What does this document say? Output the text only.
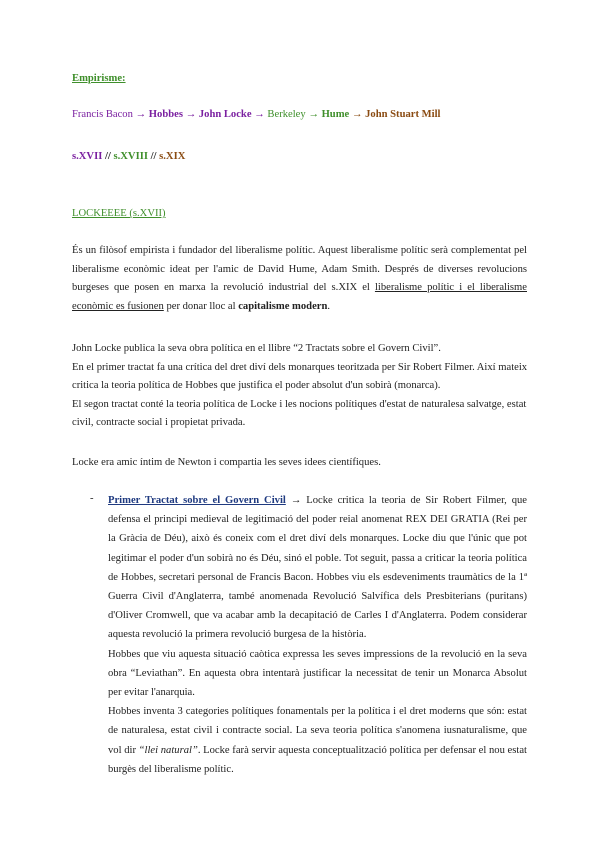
Empirisme:
Francis Bacon → Hobbes → John Locke → Berkeley → Hume → John Stuart Mill
s.XVII // s.XVIII // s.XIX
LOCKEEEE (s.XVII)
És un filòsof empirista i fundador del liberalisme polític. Aquest liberalisme polític serà complementat pel liberalisme econòmic ideat per l'amic de David Hume, Adam Smith. Després de diverses revolucions burgeses que posen en marxa la revolució industrial del s.XIX el liberalisme polític i el liberalisme econòmic es fusionen per donar lloc al capitalisme modern.
John Locke publica la seva obra política en el llibre “2 Tractats sobre el Govern Civil”.
En el primer tractat fa una crítica del dret diví dels monarques teoritzada per Sir Robert Filmer. Així mateix critica la teoria política de Hobbes que justifica el poder absolut d'un sobirà (monarca).
El segon tractat conté la teoria política de Locke i les nocions polítiques d'estat de naturalesa salvatge, estat civil, contracte social i propietat privada.
Locke era amic íntim de Newton i compartia les seves idees científiques.
- Primer Tractat sobre el Govern Civil → Locke critica la teoria de Sir Robert Filmer, que defensa el principi medieval de legitimació del poder reial anomenat REX DEI GRATIA (Rei per la Gràcia de Déu), això és coneix com el dret diví dels monarques. Locke diu que l'únic que pot legitimar el poder d'un sobirà no és Déu, sinó el poble. Tot seguit, passa a criticar la teoria política de Hobbes, secretari personal de Francis Bacon. Hobbes viu els esdeveniments traumàtics de la 1ª Guerra Civil d'Anglaterra, també anomenada Revolució Salvífica dels Presbiterians (puritans) d'Oliver Cromwell, que va acabar amb la decapitació de Carles I d'Anglaterra. Podem considerar aquesta revolució la primera revolució burgesa de la història.

Hobbes que viu aquesta situació caòtica expressa les seves impressions de la revolució en la seva obra “Leviathan”. En aquesta obra intentarà justificar la necessitat de tenir un Monarca Absolut per evitar l'anarquia.

Hobbes inventa 3 categories polítiques fonamentals per la política i el dret moderns que són: estat de naturalesa, estat civil i contracte social. La seva teoria política s'anomena iusnaturalisme, que vol dir “llei natural”. Locke farà servir aquesta conceptualització política per defensar el nou estat burgès del liberalisme polític.
